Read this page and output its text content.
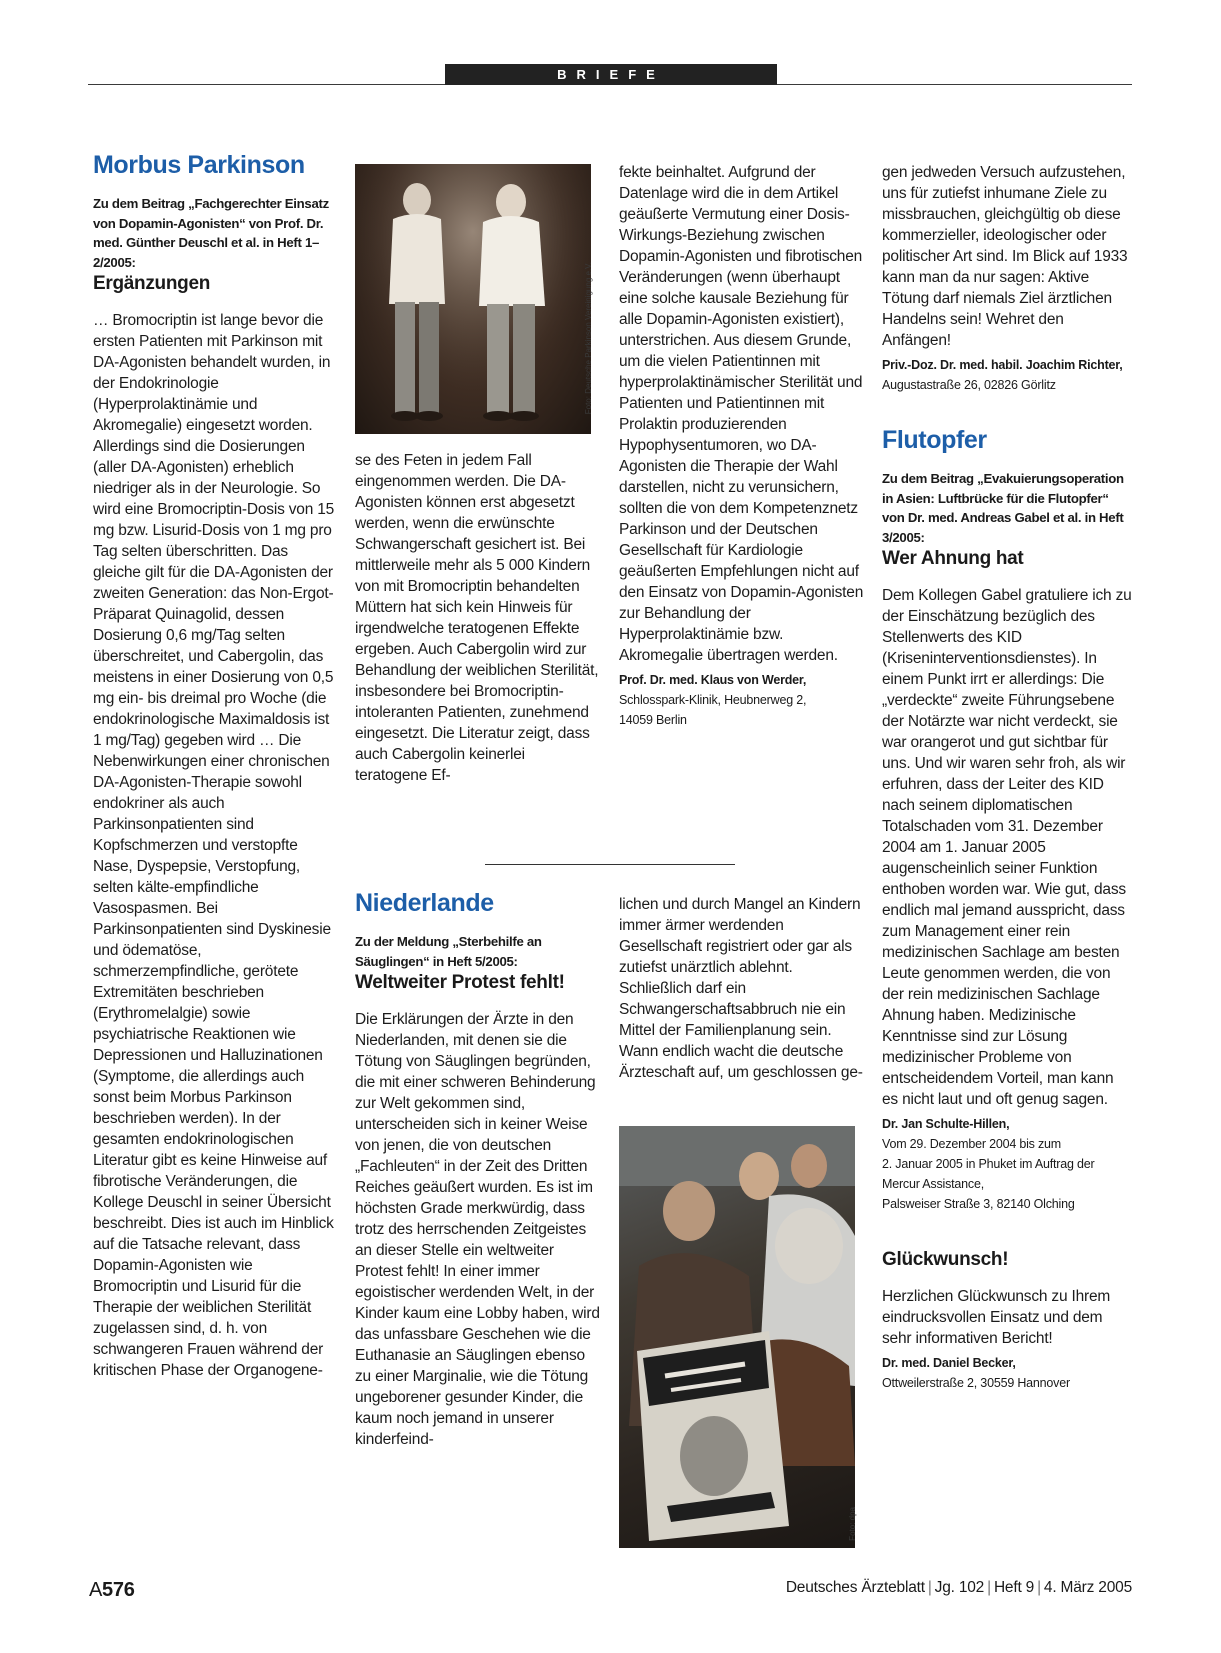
BRIEFE
Morbus Parkinson

Zu dem Beitrag „Fachgerechter Einsatz von Dopamin-Agonisten“ von Prof. Dr. med. Günther Deuschl et al. in Heft 1–2/2005:

Ergänzungen

… Bromocriptin ist lange bevor die ersten Patienten mit Parkinson mit DA-Agonisten behandelt wurden, in der Endokrinologie (Hyperprolaktinämie und Akromegalie) eingesetzt worden. Allerdings sind die Dosierungen (aller DA-Agonisten) erheblich niedriger als in der Neurologie. So wird eine Bromocriptin-Dosis von 15 mg bzw. Lisurid-Dosis von 1 mg pro Tag selten überschritten. Das gleiche gilt für die DA-Agonisten der zweiten Generation: das Non-Ergot-Präparat Quinagolid, dessen Dosierung 0,6 mg/Tag selten überschreitet, und Cabergolin, das meistens in einer Dosierung von 0,5 mg ein- bis dreimal pro Woche (die endokrinologische Maximaldosis ist 1 mg/Tag) gegeben wird … Die Nebenwirkungen einer chronischen DA-Agonisten-Therapie sowohl endokriner als auch Parkinsonpatienten sind Kopfschmerzen und verstopfte Nase, Dyspepsie, Verstopfung, selten kälte-empfindliche Vasospasmen. Bei Parkinsonpatienten sind Dyskinesie und ödematöse, schmerzempfindliche, gerötete Extremitäten beschrieben (Erythromelalgie) sowie psychiatrische Reaktionen wie Depressionen und Halluzinationen (Symptome, die allerdings auch sonst beim Morbus Parkinson beschrieben werden). In der gesamten endokrinologischen Literatur gibt es keine Hinweise auf fibrotische Veränderungen, die Kollege Deuschl in seiner Übersicht beschreibt. Dies ist auch im Hinblick auf die Tatsache relevant, dass Dopamin-Agonisten wie Bromocriptin und Lisurid für die Therapie der weiblichen Sterilität zugelassen sind, d. h. von schwangeren Frauen während der kritischen Phase der Organogene-

Foto: Deutsche Parkinson Vereinigung e.V.

se des Feten in jedem Fall eingenommen werden. Die DA-Agonisten können erst abgesetzt werden, wenn die erwünschte Schwangerschaft gesichert ist. Bei mittlerweile mehr als 5 000 Kindern von mit Bromocriptin behandelten Müttern hat sich kein Hinweis für irgendwelche teratogenen Effekte ergeben. Auch Cabergolin wird zur Behandlung der weiblichen Sterilität, insbesondere bei Bromocriptin-intoleranten Patienten, zunehmend eingesetzt. Die Literatur zeigt, dass auch Cabergolin keinerlei teratogene Ef-

fekte beinhaltet. Aufgrund der Datenlage wird die in dem Artikel geäußerte Vermutung einer Dosis-Wirkungs-Beziehung zwischen Dopamin-Agonisten und fibrotischen Veränderungen (wenn überhaupt eine solche kausale Beziehung für alle Dopamin-Agonisten existiert), unterstrichen. Aus diesem Grunde, um die vielen Patientinnen mit hyperprolaktinämischer Sterilität und Patienten und Patientinnen mit Prolaktin produzierenden Hypophysentumoren, wo DA-Agonisten die Therapie der Wahl darstellen, nicht zu verunsichern, sollten die von dem Kompetenznetz Parkinson und der Deutschen Gesellschaft für Kardiologie geäußerten Empfehlungen nicht auf den Einsatz von Dopamin-Agonisten zur Behandlung der Hyperprolaktinämie bzw. Akromegalie übertragen werden.

Prof. Dr. med. Klaus von Werder,
Schlosspark-Klinik, Heubnerweg 2,
14059 Berlin
Niederlande

Zu der Meldung „Sterbehilfe an Säuglingen“ in Heft 5/2005:

Weltweiter Protest fehlt!

Die Erklärungen der Ärzte in den Niederlanden, mit denen sie die Tötung von Säuglingen begründen, die mit einer schweren Behinderung zur Welt gekommen sind, unterscheiden sich in keiner Weise von jenen, die von deutschen „Fachleuten“ in der Zeit des Dritten Reiches geäußert wurden. Es ist im höchsten Grade merkwürdig, dass trotz des herrschenden Zeitgeistes an dieser Stelle ein weltweiter Protest fehlt! In einer immer egoistischer werdenden Welt, in der Kinder kaum eine Lobby haben, wird das unfassbare Geschehen wie die Euthanasie an Säuglingen ebenso zu einer Marginalie, wie die Tötung ungeborener gesunder Kinder, die kaum noch jemand in unserer kinderfeind-

lichen und durch Mangel an Kindern immer ärmer werdenden Gesellschaft registriert oder gar als zutiefst unärztlich ablehnt. Schließlich darf ein Schwangerschaftsabbruch nie ein Mittel der Familienplanung sein. Wann endlich wacht die deutsche Ärzteschaft auf, um geschlossen ge-

Foto: dpa

gen jedweden Versuch aufzustehen, uns für zutiefst inhumane Ziele zu missbrauchen, gleichgültig ob diese kommerzieller, ideologischer oder politischer Art sind. Im Blick auf 1933 kann man da nur sagen: Aktive Tötung darf niemals Ziel ärztlichen Handelns sein! Wehret den Anfängen!

Priv.-Doz. Dr. med. habil. Joachim Richter, Augustastraße 26, 02826 Görlitz
Flutopfer

Zu dem Beitrag „Evakuierungsoperation in Asien: Luftbrücke für die Flutopfer“ von Dr. med. Andreas Gabel et al. in Heft 3/2005:

Wer Ahnung hat

Dem Kollegen Gabel gratuliere ich zu der Einschätzung bezüglich des Stellenwerts des KID (Kriseninterventionsdienstes). In einem Punkt irrt er allerdings: Die „verdeckte“ zweite Führungsebene der Notärzte war nicht verdeckt, sie war orangerot und gut sichtbar für uns. Und wir waren sehr froh, als wir erfuhren, dass der Leiter des KID nach seinem diplomatischen Totalschaden vom 31. Dezember 2004 am 1. Januar 2005 augenscheinlich seiner Funktion enthoben worden war. Wie gut, dass endlich mal jemand ausspricht, dass zum Management einer rein medizinischen Sachlage am besten Leute genommen werden, die von der rein medizinischen Sachlage Ahnung haben. Medizinische Kenntnisse sind zur Lösung medizinischer Probleme von entscheidendem Vorteil, man kann es nicht laut und oft genug sagen.

Dr. Jan Schulte-Hillen,
Vom 29. Dezember 2004 bis zum
2. Januar 2005 in Phuket im Auftrag der
Mercur Assistance,
Palsweiser Straße 3, 82140 Olching
Glückwunsch!

Herzlichen Glückwunsch zu Ihrem eindrucksvollen Einsatz und dem sehr informativen Bericht!

Dr. med. Daniel Becker,
Ottweilerstraße 2, 30559 Hannover
A576	Deutsches Ärzteblatt | Jg. 102 | Heft 9 | 4. März 2005
